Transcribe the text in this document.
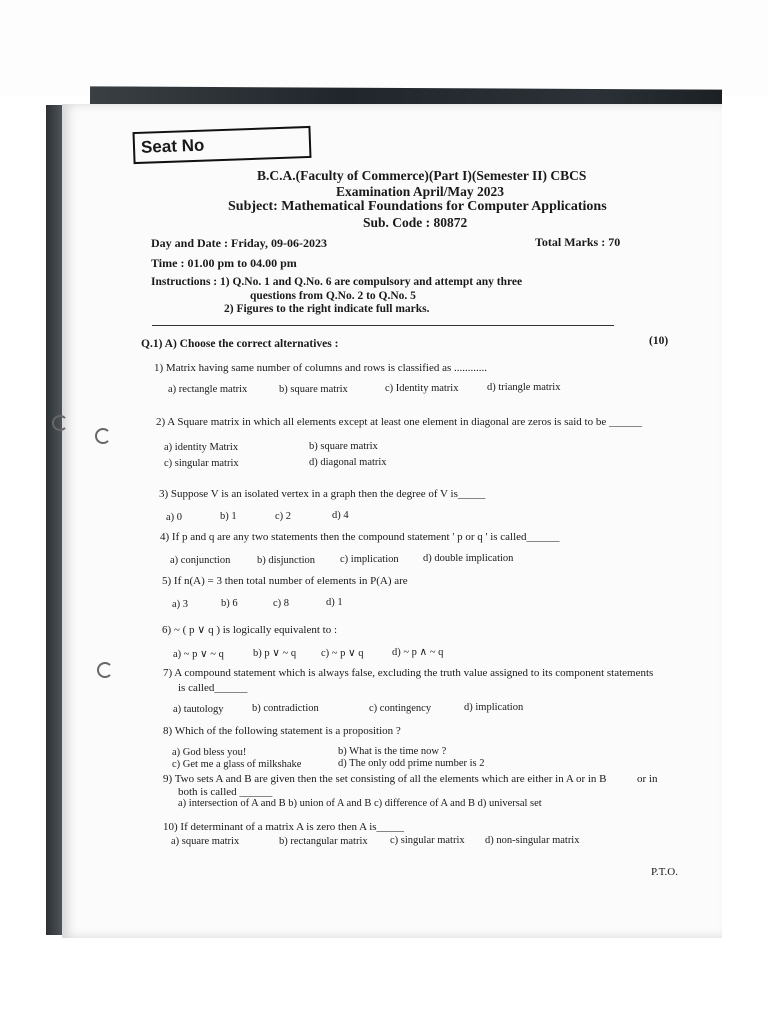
Seat No
B.C.A.(Faculty of Commerce)(Part I)(Semester II) CBCS
Examination April/May 2023
Subject: Mathematical Foundations for Computer Applications
Sub. Code : 80872
Day and Date : Friday, 09-06-2023	Total Marks : 70
Time : 01.00 pm to 04.00 pm
Instructions : 1) Q.No. 1 and Q.No. 6 are compulsory and attempt any three
questions from Q.No. 2 to Q.No. 5
2) Figures to the right indicate full marks.
Q.1) A) Choose the correct alternatives :	(10)
1) Matrix having same number of columns and rows is classified as ............
a) rectangle matrix	b) square matrix	c) Identity matrix	d) triangle matrix
2) A Square matrix in which all elements except at least one element in diagonal are zeros is said to be ______
a) identity Matrix	b) square matrix
c) singular matrix	d) diagonal matrix
3) Suppose V is an isolated vertex in a graph then the degree of V is_____
a) 0	b) 1	c) 2	d) 4
4) If p and q are any two statements then the compound statement ' p or q ' is called______
a) conjunction	b) disjunction c) implication d) double implication
5) If n(A) = 3 then total number of elements in P(A) are
a) 3	b) 6	c) 8	d) 1
6) ~ ( p ∨ q ) is logically equivalent to :
a) ~ p ∨ ~ q	b) p ∨ ~ q c) ~ p ∨ q	d) ~ p ∧ ~ q
7) A compound statement which is always false, excluding the truth value assigned to its component statements
is called______
a) tautology	b) contradiction	c) contingency	d) implication
8) Which of the following statement is a proposition ?
a) God bless you!	b) What is the time now ?
c) Get me a glass of milkshake	d) The only odd prime number is 2
9) Two sets A and B are given then the set consisting of all the elements which are either in A or in B	or in
both is called ______
a) intersection of A and B b) union of A and B c) difference of A and B d) universal set
10) If determinant of a matrix A is zero then A is_____
a) square matrix	b) rectangular matrix c) singular matrix d) non-singular matrix
P.T.O.
